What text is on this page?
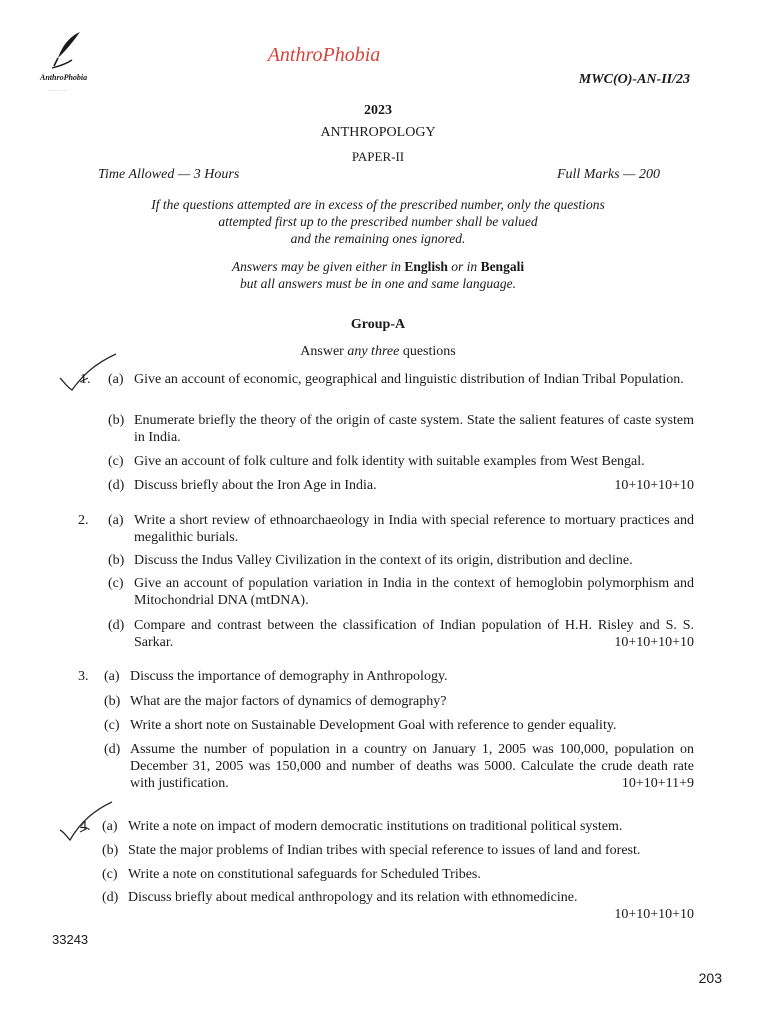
AnthroPhobia
....... .......... ......
AnthroPhobia
MWC(O)-AN-II/23
2023
ANTHROPOLOGY
PAPER-II
Time Allowed — 3 Hours	Full Marks — 200
If the questions attempted are in excess of the prescribed number, only the questions
attempted first up to the prescribed number shall be valued
and the remaining ones ignored.
Answers may be given either in English or in Bengali
but all answers must be in one and same language.
Group-A
Answer any three questions
1. (a) Give an account of economic, geographical and linguistic distribution of Indian Tribal Population.
(b) Enumerate briefly the theory of the origin of caste system. State the salient features of caste system in India.
(c) Give an account of folk culture and folk identity with suitable examples from West Bengal.
(d) Discuss briefly about the Iron Age in India.	10+10+10+10
2. (a) Write a short review of ethnoarchaeology in India with special reference to mortuary practices and megalithic burials.
(b) Discuss the Indus Valley Civilization in the context of its origin, distribution and decline.
(c) Give an account of population variation in India in the context of hemoglobin polymorphism and Mitochondrial DNA (mtDNA).
(d) Compare and contrast between the classification of Indian population of H.H. Risley and S. S. Sarkar.	10+10+10+10
3. (a) Discuss the importance of demography in Anthropology.
(b) What are the major factors of dynamics of demography?
(c) Write a short note on Sustainable Development Goal with reference to gender equality.
(d) Assume the number of population in a country on January 1, 2005 was 100,000, population on December 31, 2005 was 150,000 and number of deaths was 5000. Calculate the crude death rate with justification.	10+10+11+9
4. (a) Write a note on impact of modern democratic institutions on traditional political system.
(b) State the major problems of Indian tribes with special reference to issues of land and forest.
(c) Write a note on constitutional safeguards for Scheduled Tribes.
(d) Discuss briefly about medical anthropology and its relation with ethnomedicine.
10+10+10+10
33243
203
